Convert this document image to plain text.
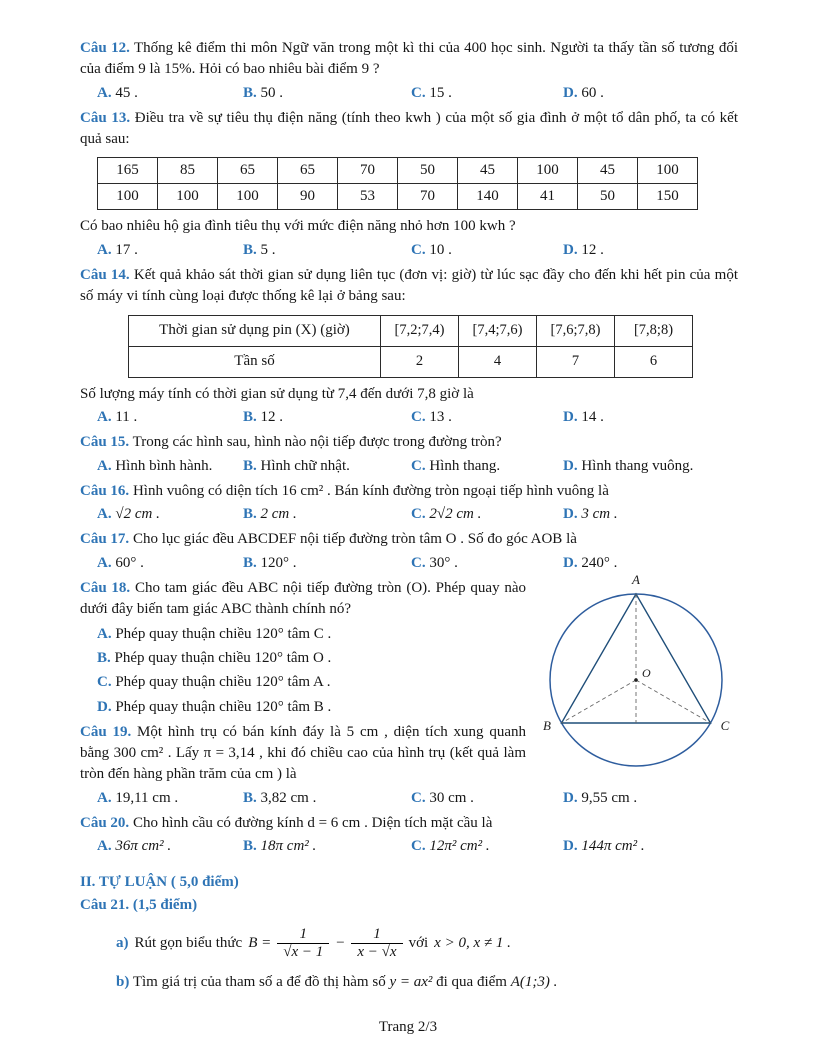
Câu 12. Thống kê điểm thi môn Ngữ văn trong một kì thi của 400 học sinh. Người ta thấy tần số tương đối của điểm 9 là 15%. Hỏi có bao nhiêu bài điểm 9 ?

A. 45 .	B. 50 .	C. 15 .	D. 60 .

Câu 13. Điều tra về sự tiêu thụ điện năng (tính theo kwh ) của một số gia đình ở một tổ dân phố, ta có kết quả sau:

165	85	65	65	70	50	45	100	45	100
100	100	100	90	53	70	140	41	50	150

Có bao nhiêu hộ gia đình tiêu thụ với mức điện năng nhỏ hơn 100 kwh ?

A. 17 .	B. 5 .	C. 10 .	D. 12 .

Câu 14. Kết quả khảo sát thời gian sử dụng liên tục (đơn vị: giờ) từ lúc sạc đầy cho đến khi hết pin của một số máy vi tính cùng loại được thống kê lại ở bảng sau:

Thời gian sử dụng pin (X) (giờ)	[7,2;7,4)	[7,4;7,6)	[7,6;7,8)	[7,8;8)
Tần số	2	4	7	6

Số lượng máy tính có thời gian sử dụng từ 7,4 đến dưới 7,8 giờ là

A. 11 .	B. 12 .	C. 13 .	D. 14 .

Câu 15. Trong các hình sau, hình nào nội tiếp được trong đường tròn?

A. Hình bình hành.	B. Hình chữ nhật.	C. Hình thang.	D. Hình thang vuông.

Câu 16. Hình vuông có diện tích 16 cm² . Bán kính đường tròn ngoại tiếp hình vuông là

A. √2 cm .	B. 2 cm .	C. 2√2 cm .	D. 3 cm .

Câu 17. Cho lục giác đều ABCDEF nội tiếp đường tròn tâm O . Số đo góc AOB là

A. 60° .	B. 120° .	C. 30° .	D. 240° .
A
B	C
O

Câu 18. Cho tam giác đều ABC nội tiếp đường tròn (O). Phép quay nào dưới đây biến tam giác ABC thành chính nó?

A. Phép quay thuận chiều 120° tâm C .
B. Phép quay thuận chiều 120° tâm O .
C. Phép quay thuận chiều 120° tâm A .
D. Phép quay thuận chiều 120° tâm B .

Câu 19. Một hình trụ có bán kính đáy là 5 cm , diện tích xung quanh bằng 300 cm² . Lấy π = 3,14 , khi đó chiều cao của hình trụ (kết quả làm tròn đến hàng phần trăm của cm ) là

A. 19,11 cm .	B. 3,82 cm .	C. 30 cm .	D. 9,55 cm .

Câu 20. Cho hình cầu có đường kính d = 6 cm . Diện tích mặt cầu là

A. 36π cm² .	B. 18π cm² .	C. 12π² cm² .	D. 144π cm² .

II. TỰ LUẬN ( 5,0 điểm)

Câu 21. (1,5 điểm)

a) Rút gọn biểu thức $B = \frac{1}{√x - 1} - \frac{1}{x - √x}$ với x > 0, x ≠ 1 .

b) Tìm giá trị của tham số a để đồ thị hàm số y = ax² đi qua điểm A(1;3) .

Trang 2/3
